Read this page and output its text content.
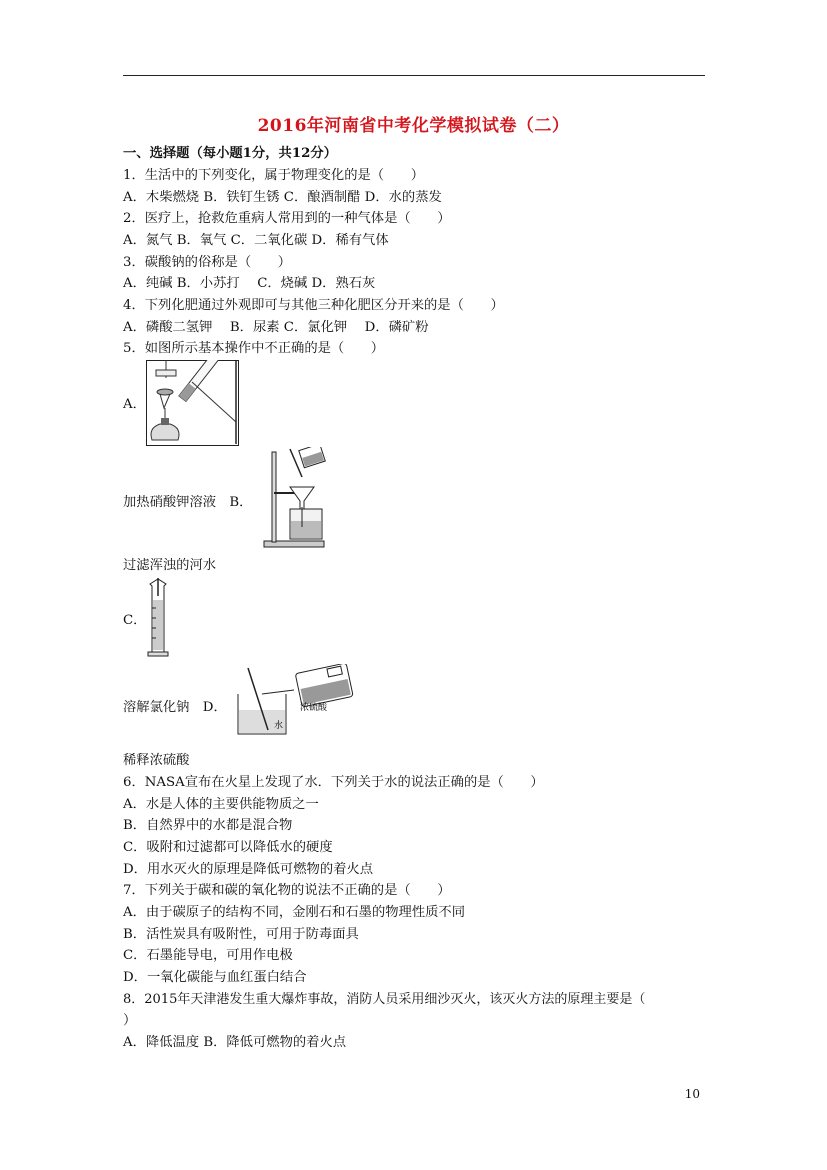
2016年河南省中考化学模拟试卷（二）
一、选择题（每小题1分，共12分）
1．生活中的下列变化，属于物理变化的是（　　）
A．木柴燃烧 B．铁钉生锈 C．酿酒制醋 D．水的蒸发
2．医疗上，抢救危重病人常用到的一种气体是（　　）
A．氮气 B．氧气 C．二氧化碳 D．稀有气体
3．碳酸钠的俗称是（　　）
A．纯碱 B．小苏打　 C．烧碱 D．熟石灰
4．下列化肥通过外观即可与其他三种化肥区分开来的是（　　）
A．磷酸二氢钾　 B．尿素 C．氯化钾　 D．磷矿粉
5．如图所示基本操作中不正确的是（　　）
A．
加热硝酸钾溶液　 B．
过滤浑浊的河水
C．
溶解氯化钠　 D．	浓硫酸
水
稀释浓硫酸
6．NASA宣布在火星上发现了水．下列关于水的说法正确的是（　　）
A．水是人体的主要供能物质之一
B．自然界中的水都是混合物
C．吸附和过滤都可以降低水的硬度
D．用水灭火的原理是降低可燃物的着火点
7．下列关于碳和碳的氧化物的说法不正确的是（　　）
A．由于碳原子的结构不同，金刚石和石墨的物理性质不同
B．活性炭具有吸附性，可用于防毒面具
C．石墨能导电，可用作电极
D．一氧化碳能与血红蛋白结合
8．2015年天津港发生重大爆炸事故，消防人员采用细沙灭火，该灭火方法的原理主要是（
）
A．降低温度 B．降低可燃物的着火点
10
